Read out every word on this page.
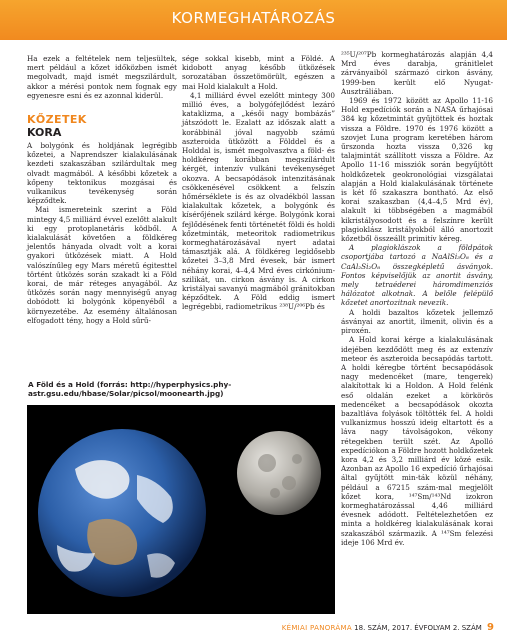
KORMEGHATÁROZÁS

Ha ezek a feltételek nem teljesültek, mert például a kőzet időközben ismét megolvadt, majd ismét megszilárdult, akkor a mérési pontok nem fognak egy egyenesre esni és ez azonnal kiderül.

KŐZETEK
KORA

A bolygónk és holdjának legrégibb kőzetei, a Naprendszer kialakulásának kezdeti szakaszában szilárdultak meg olvadt magmából. A későbbi kőzetek a kőpeny tektonikus mozgásai és vulkanikus tevékenység során képződtek.

Mai ismereteink szerint a Föld mintegy 4,5 milliárd évvel ezelőtt alakult ki egy protoplanetáris ködből. A kialakulását követően a földkéreg jelentős hányada olvadt volt a korai gyakori ütközések miatt. A Hold valószínűleg egy Mars méretű égitesttel történt ütközés során szakadt ki a Föld korai, de már réteges anyagából. Az ütközés során nagy mennyiségű anyag dobódott ki bolygónk köpenyéből a környezetébe. Az esemény általánosan elfogadott tény, hogy a Hold sűrű-

sége sokkal kisebb, mint a Földé. A kidobott anyag később ütközések sorozatában összetömörült, egészen a mai Hold kialakult a Hold.

4,1 milliárd évvel ezelőtt mintegy 300 millió éves, a bolygófejlődést lezáró kataklizma, a „késői nagy bombázás” játszódott le. Ezalatt az időszak alatt a korábbinál jóval nagyobb számú aszteroida ütközött a Földdel és a Holddal is, ismét megolvasztva a föld- és holdkéreg korábban megszilárdult kérgét, intenzív vulkáni tevékenységet okozva. A becsapódások intenzitásának csökkenésével csökkent a felszín hőmérséklete is és az olvadékból lassan kialakultak kőzetek, a bolygónk és kísérőjének szilárd kérge. Bolygónk korai fejlődésének fenti történetét földi és holdi kőzetminták, meteoritok radiometrikus kormeghatározásával nyert adatai támasztják alá. A földkéreg legidősebb kőzetei 3–3,8 Mrd évesek, bár ismert néhány korai, 4–4,4 Mrd éves cirkónium-szilikát, un. cirkon ásvány is. A cirkon kristályai savanyú magmából gránitokban képződtek. A Föld eddig ismert legrégebbi, radiometrikus ²³⁸U/²⁰⁶Pb és

²³⁵U/²⁰⁷Pb kormeghatározás alapján 4,4 Mrd éves darabja, gránitlelet zárványaiból származó cirkon ásvány, 1999-ben került elő Nyugat-Ausztráliában.

1969 és 1972 között az Apollo 11-16 Hold expedíciók során a NASA űrhajósai 384 kg kőzetmintát gyűjtöttek és hoztak vissza a Földre. 1970 és 1976 között a szovjet Luna program keretében három űrszonda hozta vissza 0,326 kg talajmintát szállított vissza a Földre. Az Apollo 11-16 missziók során begyűjtött holdkőzetek geokronológiai vizsgálatai alapján a Hold kialakulásának története is két fő szakaszra bontható. Az első korai szakaszban (4,4–4,5 Mrd év), alakult ki többségében a magmából kikristályosodott és a felszínre került plagioklász kristályokból álló anortozit kőzetből összeállt primitív kéreg.

A plagioklászok a földpátok csoportjába tartozó a NaAlSi₃O₈ és a CaAl₂Si₂O₈ összegképletű ásványok. Fontos képviselőjük az anortit ásvány, mely tetraéderei háromdimenziós hálózatot alkotnak. A belőle felépülő kőzetet anortozitnak nevezik.

A holdi bazaltos kőzetek jellemző ásványai az anortit, ilmenit, olivin és a piroxén.

A Hold korai kérge a kialakulásának idejében kezdődött meg és az extenzív meteor és aszteroida becsapódás tartott. A holdi kéregbe történt becsapódások nagy medencéket (mare, tengerek) alakítottak ki a Holdon. A Hold felénk eső oldalán ezeket a körkörös medencéket a becsapódások okozta bazaltláva folyások töltötték fel. A holdi vulkanizmus hosszú ideig eltartott és a láva nagy távolságokon, vékony rétegekben terült szét. Az Apolló expedíciókon a Földre hozott holdkőzetek kora 4,2 és 3,2 milliárd év közé esik. Azonban az Apollo 16 expedíció űrhajósai által gyűjtött min-ták közül néhány, például a 67215 szám-mal megjelölt kőzet kora, ¹⁴⁷Sm/¹⁴³Nd izokron kormeghatározással 4,46 milliárd évesnek adódott. Feltételezhetően ez minta a holdkéreg kialakulásának korai szakaszából származik. A ¹⁴⁷Sm felezési ideje 106 Mrd év.

A Föld és a Hold (forrás: http://hyperphysics.phy-astr.gsu.edu/hbase/Solar/picsol/moonearth.jpg)
KÉMIAI PANORÁMA 18. SZÁM, 2017. ÉVFOLYAM 2. SZÁM 9
